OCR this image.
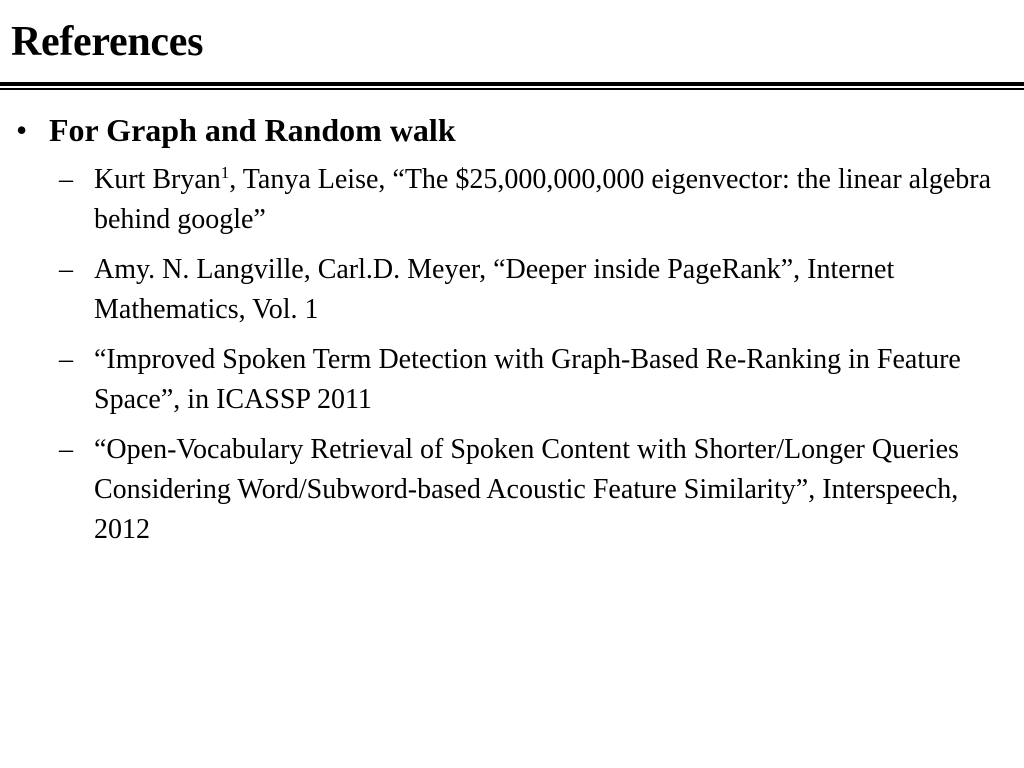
References
• For Graph and Random walk
– Kurt Bryan$^1$, Tanya Leise, “The $25,000,000,000 eigenvector: the linear algebra behind google”
– Amy. N. Langville, Carl.D. Meyer, “Deeper inside PageRank”, Internet Mathematics, Vol. 1
– “Improved Spoken Term Detection with Graph-Based Re-Ranking in Feature Space”, in ICASSP 2011
– “Open-Vocabulary Retrieval of Spoken Content with Shorter/Longer Queries Considering Word/Subword-based Acoustic Feature Similarity”, Interspeech, 2012
